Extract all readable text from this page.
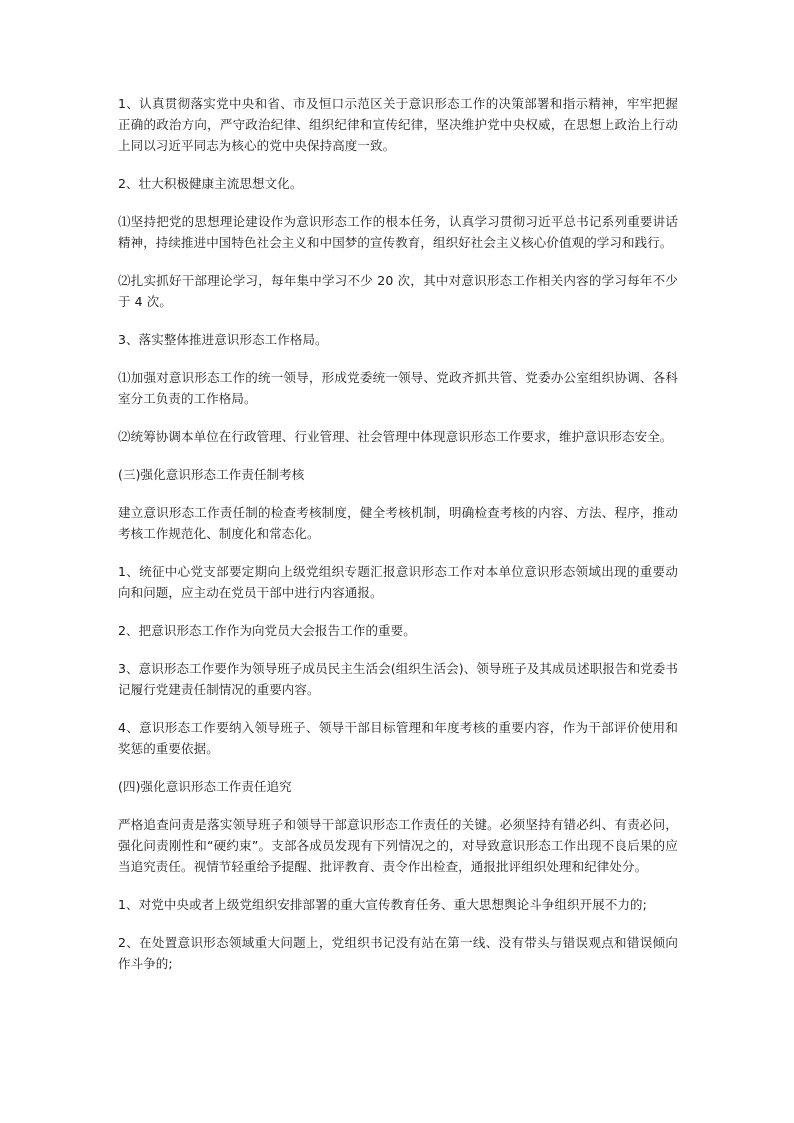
1、认真贯彻落实党中央和省、市及恒口示范区关于意识形态工作的决策部署和指示精神，牢牢把握正确的政治方向，严守政治纪律、组织纪律和宣传纪律，坚决维护党中央权威，在思想上政治上行动上同以习近平同志为核心的党中央保持高度一致。

2、壮大积极健康主流思想文化。

⑴坚持把党的思想理论建设作为意识形态工作的根本任务，认真学习贯彻习近平总书记系列重要讲话精神，持续推进中国特色社会主义和中国梦的宣传教育，组织好社会主义核心价值观的学习和践行。

⑵扎实抓好干部理论学习，每年集中学习不少 20 次，其中对意识形态工作相关内容的学习每年不少于 4 次。

3、落实整体推进意识形态工作格局。

⑴加强对意识形态工作的统一领导，形成党委统一领导、党政齐抓共管、党委办公室组织协调、各科室分工负责的工作格局。

⑵统筹协调本单位在行政管理、行业管理、社会管理中体现意识形态工作要求，维护意识形态安全。

(三)强化意识形态工作责任制考核

建立意识形态工作责任制的检查考核制度，健全考核机制，明确检查考核的内容、方法、程序，推动考核工作规范化、制度化和常态化。

1、统征中心党支部要定期向上级党组织专题汇报意识形态工作对本单位意识形态领域出现的重要动向和问题，应主动在党员干部中进行内容通报。

2、把意识形态工作作为向党员大会报告工作的重要。

3、意识形态工作要作为领导班子成员民主生活会(组织生活会)、领导班子及其成员述职报告和党委书记履行党建责任制情况的重要内容。

4、意识形态工作要纳入领导班子、领导干部目标管理和年度考核的重要内容，作为干部评价使用和奖惩的重要依据。

(四)强化意识形态工作责任追究

严格追查问责是落实领导班子和领导干部意识形态工作责任的关键。必须坚持有错必纠、有责必问，强化问责刚性和“硬约束”。支部各成员发现有下列情况之的，对导致意识形态工作出现不良后果的应当追究责任。视情节轻重给予提醒、批评教育、责令作出检查，通报批评组织处理和纪律处分。

1、对党中央或者上级党组织安排部署的重大宣传教育任务、重大思想舆论斗争组织开展不力的;

2、在处置意识形态领域重大问题上，党组织书记没有站在第一线、没有带头与错误观点和错误倾向作斗争的;
